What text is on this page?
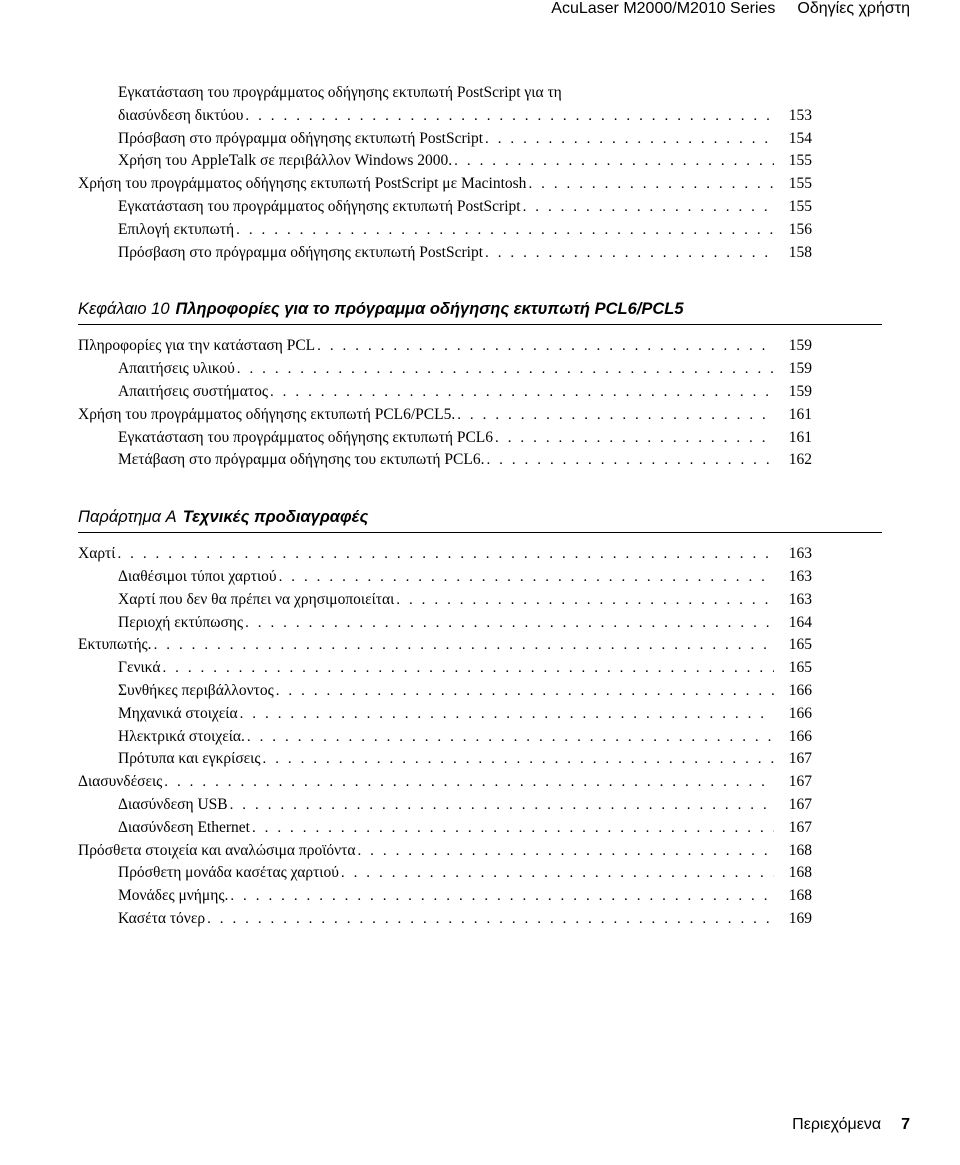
AcuLaser M2000/M2010 Series Οδηγίες χρήστη
Εγκατάσταση του προγράμματος οδήγησης εκτυπωτή PostScript για τη
διασύνδεση δικτύου . . .	153
Πρόσβαση στο πρόγραμμα οδήγησης εκτυπωτή PostScript . . .	154
Χρήση του AppleTalk σε περιβάλλον Windows 2000. . . .	155
Χρήση του προγράμματος οδήγησης εκτυπωτή PostScript με Macintosh . . .	155
Εγκατάσταση του προγράμματος οδήγησης εκτυπωτή PostScript . . .	155
Επιλογή εκτυπωτή . . .	156
Πρόσβαση στο πρόγραμμα οδήγησης εκτυπωτή PostScript . . .	158
Κεφάλαιο 10 Πληροφορίες για το πρόγραμμα οδήγησης εκτυπωτή PCL6/PCL5
Πληροφορίες για την κατάσταση PCL . . .	159
Απαιτήσεις υλικού . . .	159
Απαιτήσεις συστήματος . . .	159
Χρήση του προγράμματος οδήγησης εκτυπωτή PCL6/PCL5. . . .	161
Εγκατάσταση του προγράμματος οδήγησης εκτυπωτή PCL6 . . .	161
Μετάβαση στο πρόγραμμα οδήγησης του εκτυπωτή PCL6. . . .	162
Παράρτημα A Τεχνικές προδιαγραφές
Χαρτί . . .	163
Διαθέσιμοι τύποι χαρτιού . . .	163
Χαρτί που δεν θα πρέπει να χρησιμοποιείται . . .	163
Περιοχή εκτύπωσης . . .	164
Εκτυπωτής. . . .	165
Γενικά . . .	165
Συνθήκες περιβάλλοντος . . .	166
Μηχανικά στοιχεία . . .	166
Ηλεκτρικά στοιχεία. . . .	166
Πρότυπα και εγκρίσεις . . .	167
Διασυνδέσεις . . .	167
Διασύνδεση USB . . .	167
Διασύνδεση Ethernet . . .	167
Πρόσθετα στοιχεία και αναλώσιμα προϊόντα . . .	168
Πρόσθετη μονάδα κασέτας χαρτιού . . .	168
Μονάδες μνήμης. . . .	168
Κασέτα τόνερ . . .	169
Περιεχόμενα 7
